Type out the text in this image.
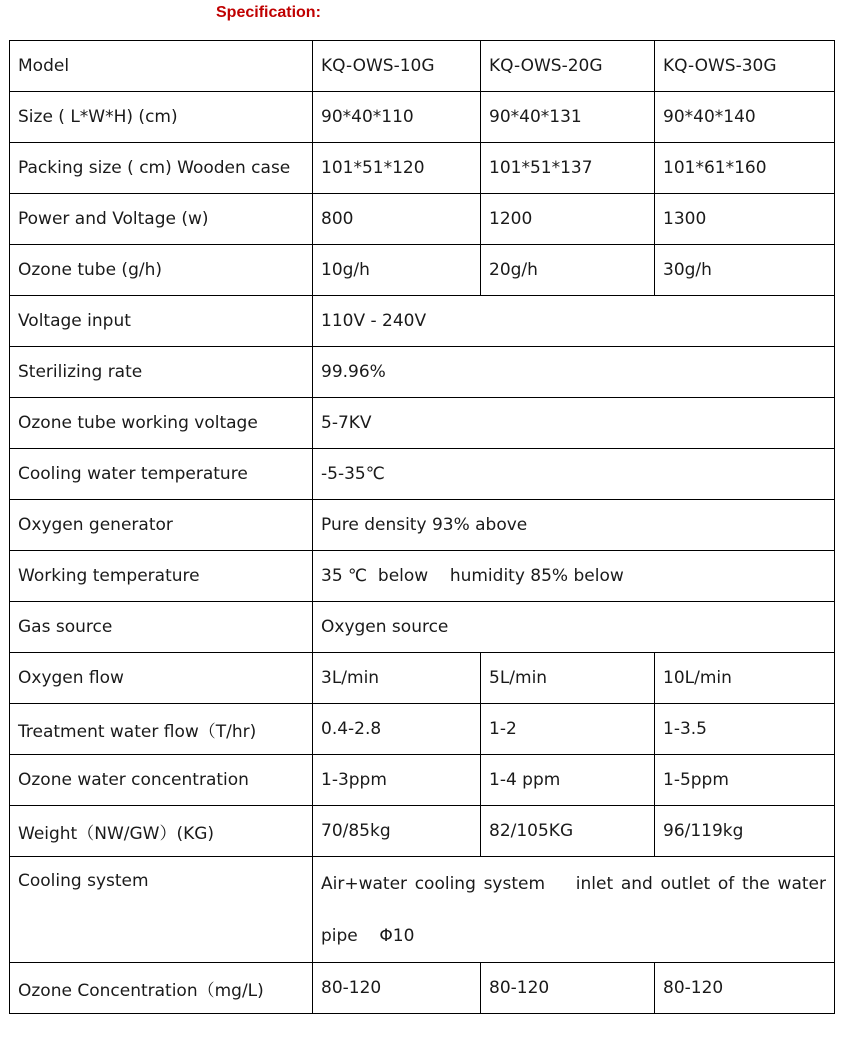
Specification:
Model	KQ-OWS-10G	KQ-OWS-20G	KQ-OWS-30G
Size ( L*W*H) (cm)	90*40*110	90*40*131	90*40*140
Packing size ( cm) Wooden case	101*51*120	101*51*137	101*61*160
Power and Voltage (w)	800	1200	1300
Ozone tube (g/h)	10g/h	20g/h	30g/h
Voltage input	110V - 240V		
Sterilizing rate	99.96%		
Ozone tube working voltage	5-7KV		
Cooling water temperature	-5-35℃		
Oxygen generator	Pure density 93% above		
Working temperature	35 ℃  below    humidity 85% below		
Gas source	Oxygen source		
Oxygen flow	3L/min	5L/min	10L/min
Treatment water flow（T/hr)	0.4-2.8	1-2	1-3.5
Ozone water concentration	1-3ppm	1-4 ppm	1-5ppm
Weight（NW/GW）(KG)	70/85kg	82/105KG	96/119kg
Cooling system	Air+water cooling system    inlet and outlet of the water pipe    Φ10		
Ozone Concentration（mg/L)	80-120	80-120	80-120
